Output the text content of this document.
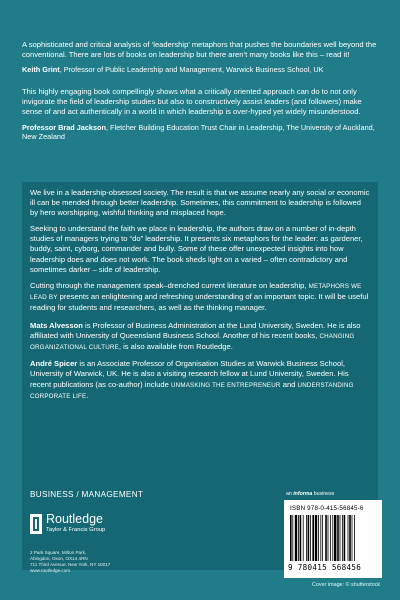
A sophisticated and critical analysis of ‘leadership’ metaphors that pushes the boundaries well beyond the conventional. There are lots of books on leadership but there aren’t many books like this – read it!

Keith Grint, Professor of Public Leadership and Management, Warwick Business School, UK

This highly engaging book compellingly shows what a critically oriented approach can do to not only invigorate the field of leadership studies but also to constructively assist leaders (and followers) make sense of and act authentically in a world in which leadership is over-hyped yet widely misunderstood.

Professor Brad Jackson, Fletcher Building Education Trust Chair in Leadership, The University of Auckland, New Zealand

We live in a leadership-obsessed society. The result is that we assume nearly any social or economic ill can be mended through better leadership. Sometimes, this commitment to leadership is followed by hero worshipping, wishful thinking and misplaced hope.

Seeking to understand the faith we place in leadership, the authors draw on a number of in-depth studies of managers trying to “do” leadership. It presents six metaphors for the leader: as gardener, buddy, saint, cyborg, commander and bully. Some of these offer unexpected insights into how leadership does and does not work. The book sheds light on a varied – often contradictory and sometimes darker – side of leadership.

Cutting through the management speak–drenched current literature on leadership, METAPHORS WE LEAD BY presents an enlightening and refreshing understanding of an important topic. It will be useful reading for students and researchers, as well as the thinking manager.

Mats Alvesson is Professor of Business Administration at the Lund University, Sweden. He is also affiliated with University of Queensland Business School. Another of his recent books, CHANGING ORGANIZATIONAL CULTURE, is also available from Routledge.

André Spicer is an Associate Professor of Organisation Studies at Warwick Business School, University of Warwick, UK. He is also a visiting research fellow at Lund University, Sweden. His recent publications (as co-author) include UNMASKING THE ENTREPRENEUR and UNDERSTANDING CORPORATE LIFE.

BUSINESS / MANAGEMENT
Routledge
Taylor & Francis Group
2 Park Square, Milton Park,
Abingdon, Oxon, OX14 4RN
711 Third Avenue, New York, NY 10017
www.routledge.com
an informa business
ISBN 978-0-415-56845-6
9 780415 568456
Cover image: © shutterstock
